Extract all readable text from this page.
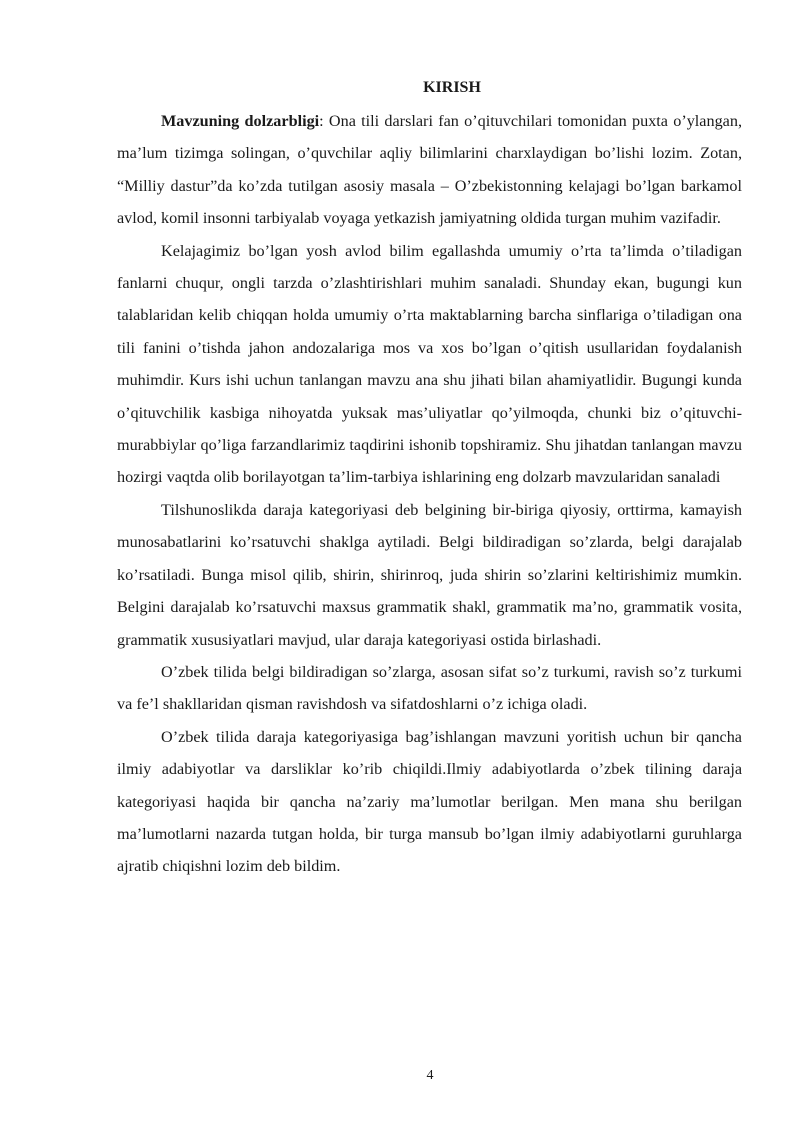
KIRISH

Mavzuning dolzarbligi: Ona tili darslari fan o’qituvchilari tomonidan puxta o’ylangan, ma’lum tizimga solingan, o’quvchilar aqliy bilimlarini charxlaydigan bo’lishi lozim. Zotan, “Milliy dastur”da ko’zda tutilgan asosiy masala – O’zbekistonning kelajagi bo’lgan barkamol avlod, komil insonni tarbiyalab voyaga yetkazish jamiyatning oldida turgan muhim vazifadir.

Kelajagimiz bo’lgan yosh avlod bilim egallashda umumiy o’rta ta’limda o’tiladigan fanlarni chuqur, ongli tarzda o’zlashtirishlari muhim sanaladi. Shunday ekan, bugungi kun talablaridan kelib chiqqan holda umumiy o’rta maktablarning barcha sinflariga o’tiladigan ona tili fanini o’tishda jahon andozalariga mos va xos bo’lgan o’qitish usullaridan foydalanish muhimdir. Kurs ishi uchun tanlangan mavzu ana shu jihati bilan ahamiyatlidir. Bugungi kunda o’qituvchilik kasbiga nihoyatda yuksak mas’uliyatlar qo’yilmoqda, chunki biz o’qituvchi-murabbiylar qo’liga farzandlarimiz taqdirini ishonib topshiramiz. Shu jihatdan tanlangan mavzu hozirgi vaqtda olib borilayotgan ta’lim-tarbiya ishlarining eng dolzarb mavzularidan sanaladi

Tilshunoslikda daraja kategoriyasi deb belgining bir-biriga qiyosiy, orttirma, kamayish munosabatlarini ko’rsatuvchi shaklga aytiladi. Belgi bildiradigan so’zlarda, belgi darajalab ko’rsatiladi. Bunga misol qilib, shirin, shirinroq, juda shirin so’zlarini keltirishimiz mumkin. Belgini darajalab ko’rsatuvchi maxsus grammatik shakl, grammatik ma’no, grammatik vosita, grammatik xususiyatlari mavjud, ular daraja kategoriyasi ostida birlashadi.

O’zbek tilida belgi bildiradigan so’zlarga, asosan sifat so’z turkumi, ravish so’z turkumi va fe’l shakllaridan qisman ravishdosh va sifatdoshlarni o’z ichiga oladi.

O’zbek tilida daraja kategoriyasiga bag’ishlangan mavzuni yoritish uchun bir qancha ilmiy adabiyotlar va darsliklar ko’rib chiqildi.Ilmiy adabiyotlarda o’zbek tilining daraja kategoriyasi haqida bir qancha na’zariy ma’lumotlar berilgan. Men mana shu berilgan ma’lumotlarni nazarda tutgan holda, bir turga mansub bo’lgan ilmiy adabiyotlarni guruhlarga ajratib chiqishni lozim deb bildim.

4
